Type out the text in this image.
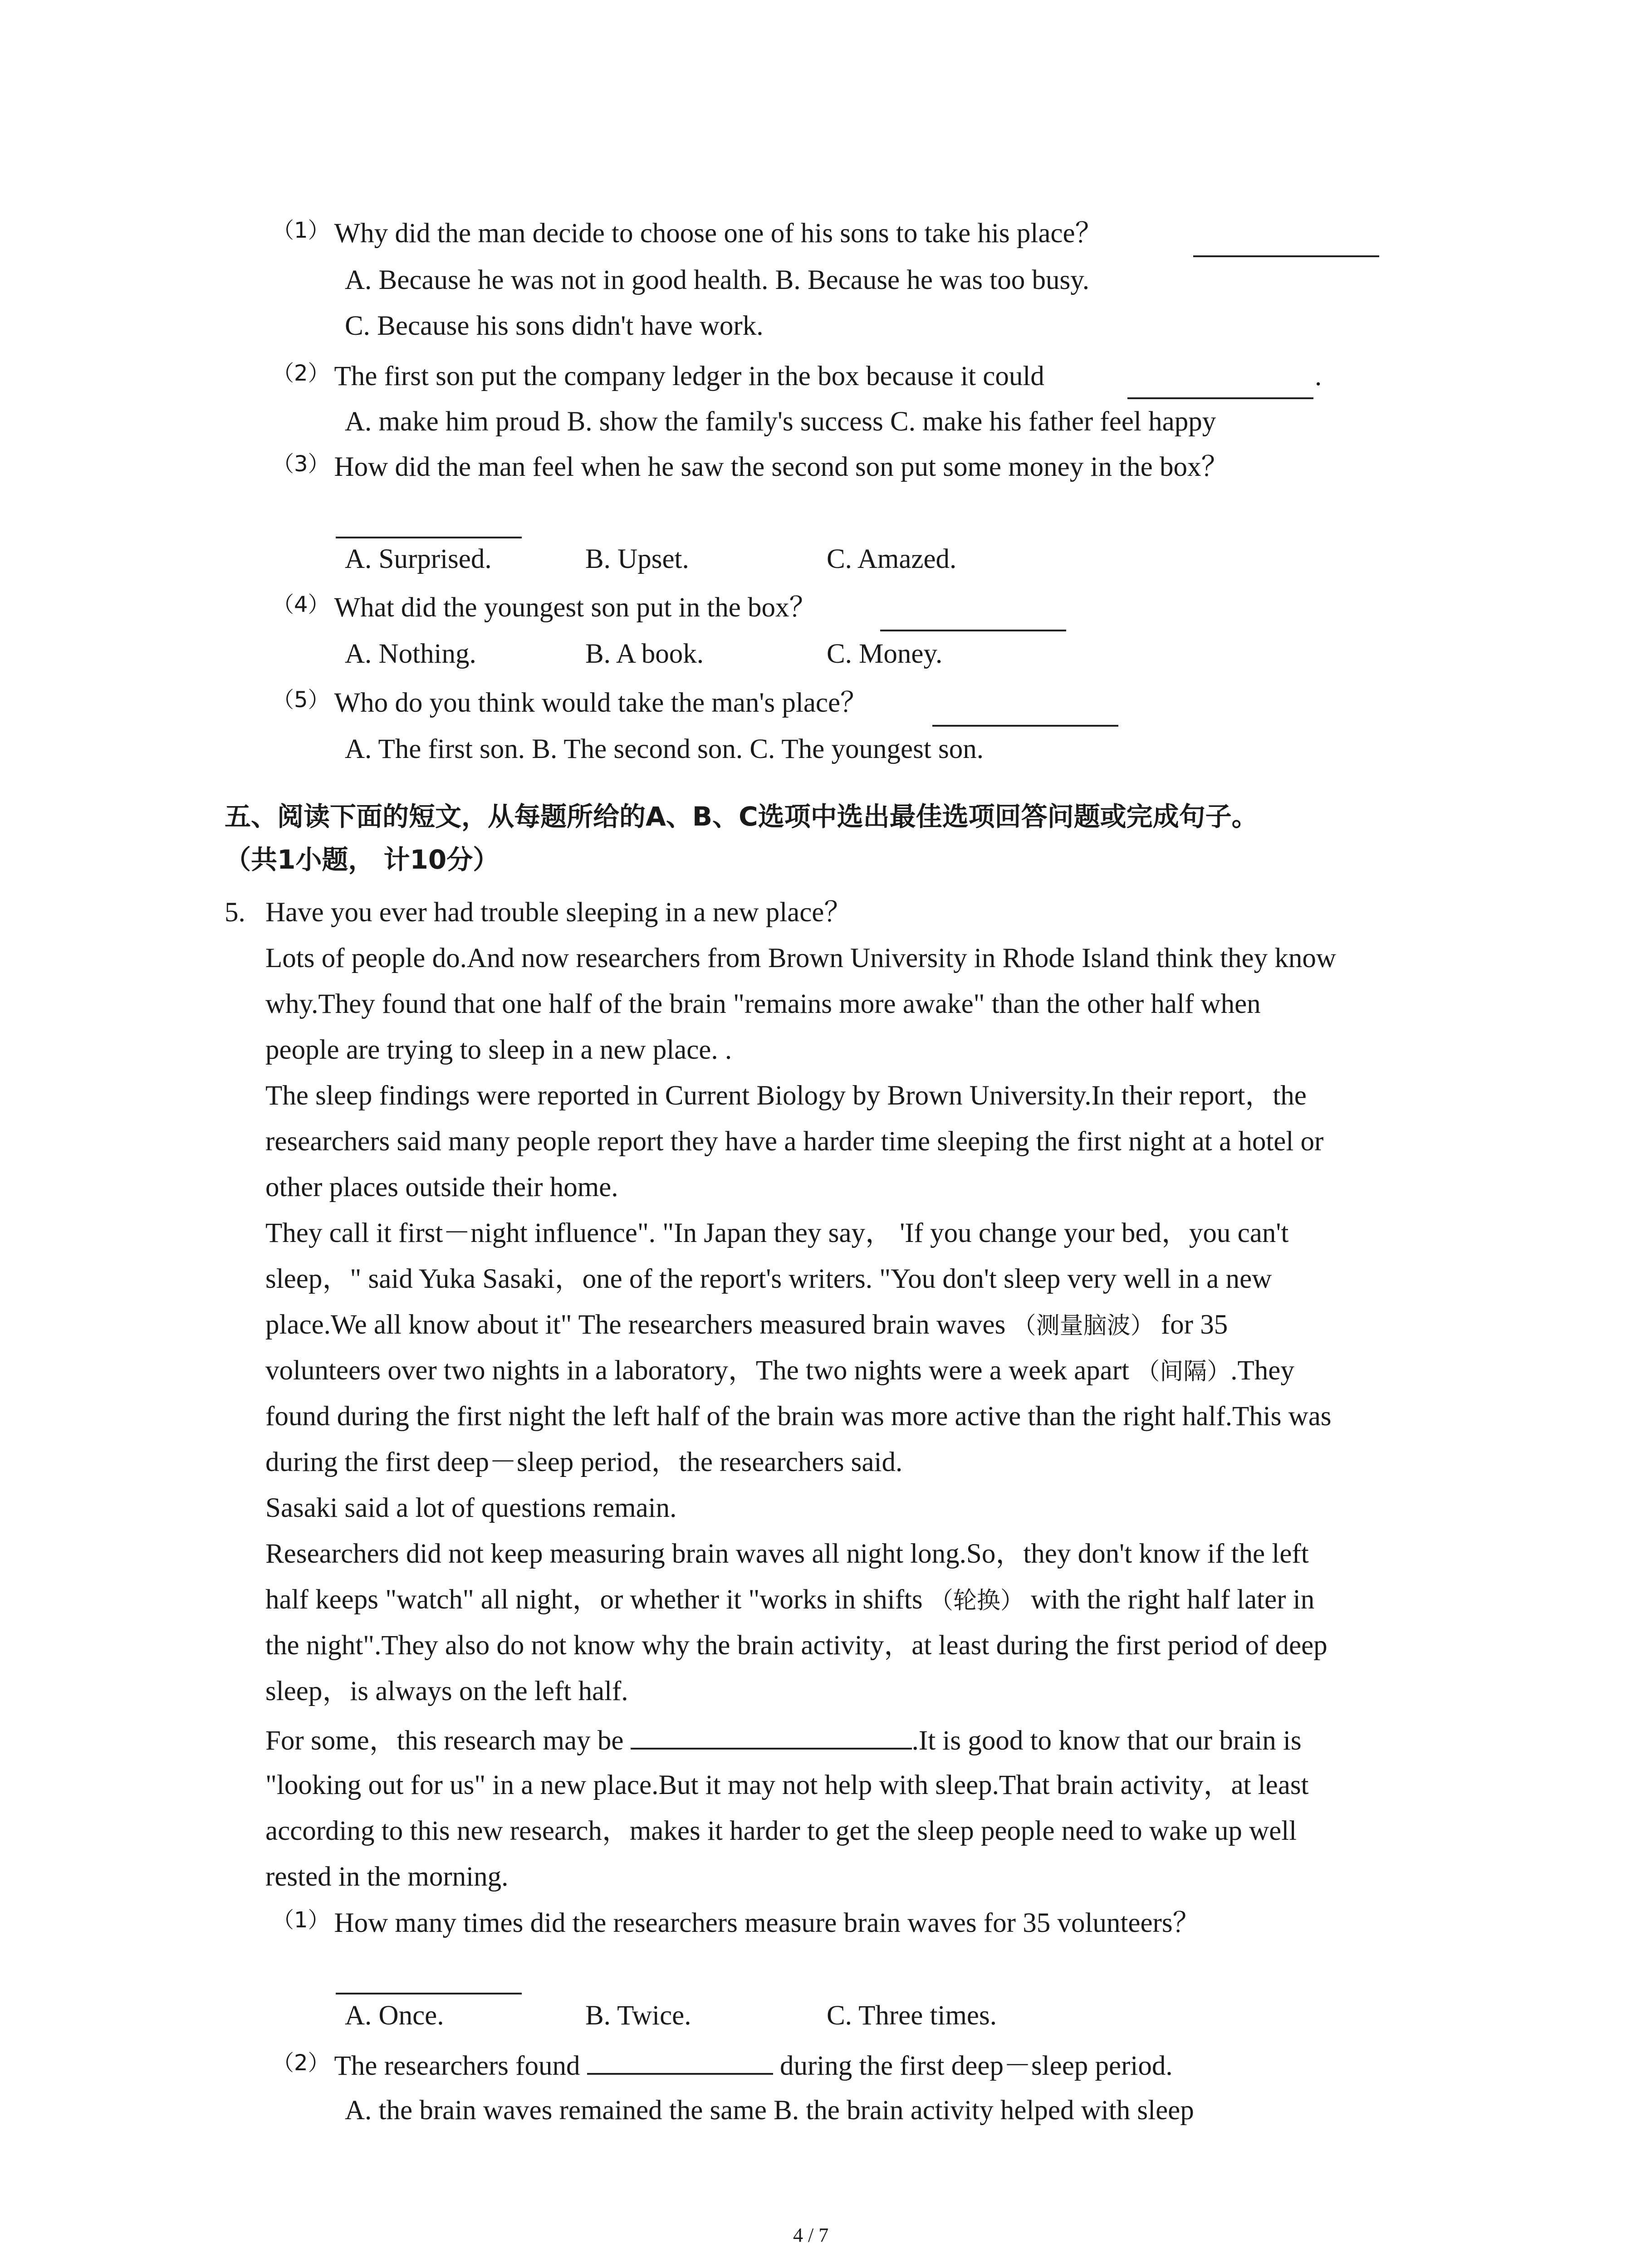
（1） Why did the man decide to choose one of his sons to take his place？
A. Because he was not in good health. B. Because he was too busy.
C. Because his sons didn't have work.
（2） The first son put the company ledger in the box because it could	.
A. make him proud B. show the family's success C. make his father feel happy
（3） How did the man feel when he saw the second son put some money in the box？
A. Surprised.	B. Upset.	C. Amazed.
（4） What did the youngest son put in the box？
A. Nothing.	B. A book.	C. Money.
（5） Who do you think would take the man's place？
A. The first son. B. The second son. C. The youngest son.
五、阅读下面的短文，从每题所给的A、B、C选项中选出最佳选项回答问题或完成句子。
（共1小题， 计10分）
5. Have you ever had trouble sleeping in a new place？
Lots of people do.And now researchers from Brown University in Rhode Island think they know
why.They found that one half of the brain "remains more awake" than the other half when
people are trying to sleep in a new place. .
The sleep findings were reported in Current Biology by Brown University.In their report，the
researchers said many people report they have a harder time sleeping the first night at a hotel or
other places outside their home.
They call it first－night influence". "In Japan they say， 'If you change your bed，you can't
sleep，" said Yuka Sasaki，one of the report's writers. "You don't sleep very well in a new
place.We all know about it" The researchers measured brain waves （测量脑波） for 35
volunteers over two nights in a laboratory，The two nights were a week apart （间隔）.They
found during the first night the left half of the brain was more active than the right half.This was
during the first deep－sleep period，the researchers said.
Sasaki said a lot of questions remain.
Researchers did not keep measuring brain waves all night long.So，they don't know if the left
half keeps "watch" all night，or whether it "works in shifts （轮换） with the right half later in
the night".They also do not know why the brain activity，at least during the first period of deep
sleep，is always on the left half.
For some，this research may be	.It is good to know that our brain is
"looking out for us" in a new place.But it may not help with sleep.That brain activity，at least
according to this new research，makes it harder to get the sleep people need to wake up well
rested in the morning.
（1） How many times did the researchers measure brain waves for 35 volunteers？
A. Once.	B. Twice.	C. Three times.
（2） The researchers found	during the first deep－sleep period.
A. the brain waves remained the same B. the brain activity helped with sleep
4 / 7
